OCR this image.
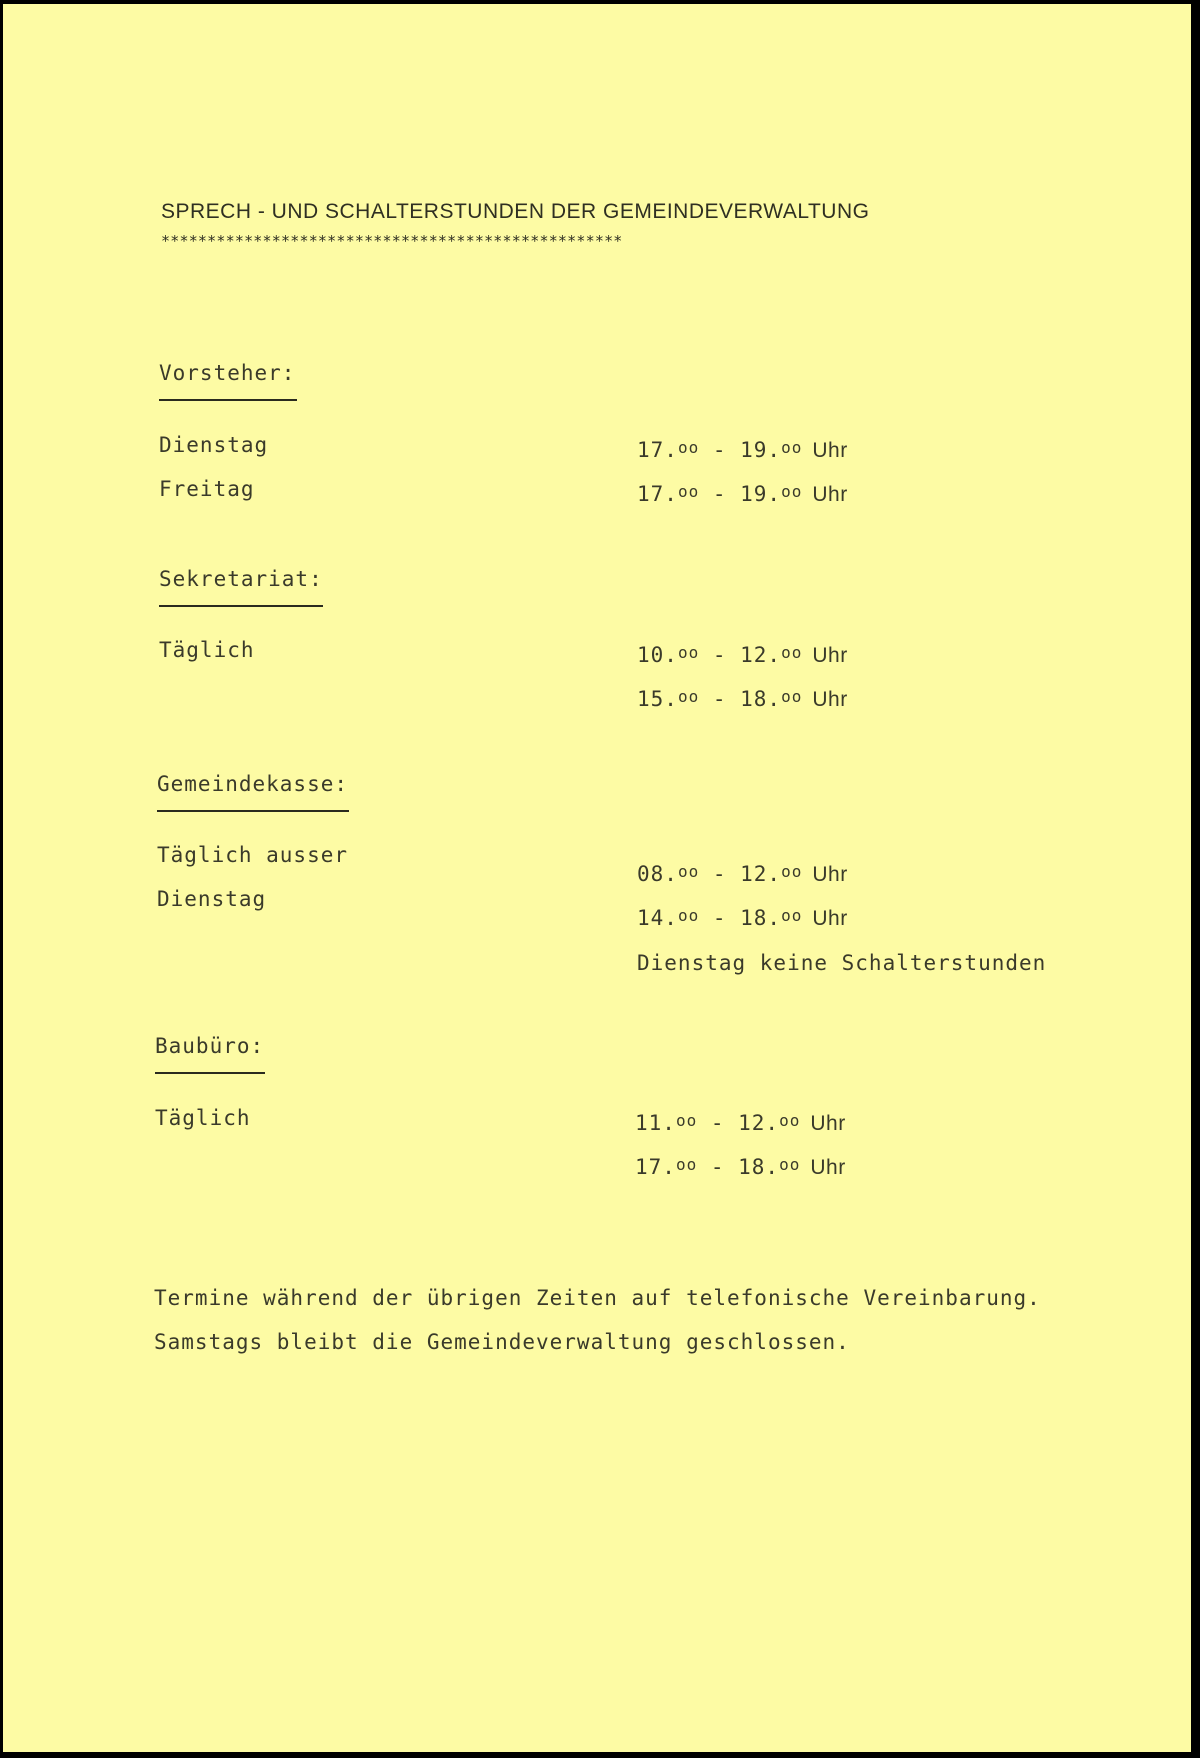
SPRECH - UND SCHALTERSTUNDEN DER GEMEINDEVERWALTUNG
**************************************************
Vorsteher:
Dienstag
Freitag
17.$^{oo}$ - 19.$^{oo}$ Uhr
17.$^{oo}$ - 19.$^{oo}$ Uhr
Sekretariat:
Täglich	10.$^{oo}$ - 12.$^{oo}$ Uhr
15.$^{oo}$ - 18.$^{oo}$ Uhr
Gemeindekasse:
Täglich ausser
Dienstag
08.$^{oo}$ - 12.$^{oo}$ Uhr
14.$^{oo}$ - 18.$^{oo}$ Uhr
Dienstag keine Schalterstunden
Baubüro:
Täglich	11.$^{oo}$ - 12.$^{oo}$ Uhr
17.$^{oo}$ - 18.$^{oo}$ Uhr
Termine während der übrigen Zeiten auf telefonische Vereinbarung.
Samstags bleibt die Gemeindeverwaltung geschlossen.
